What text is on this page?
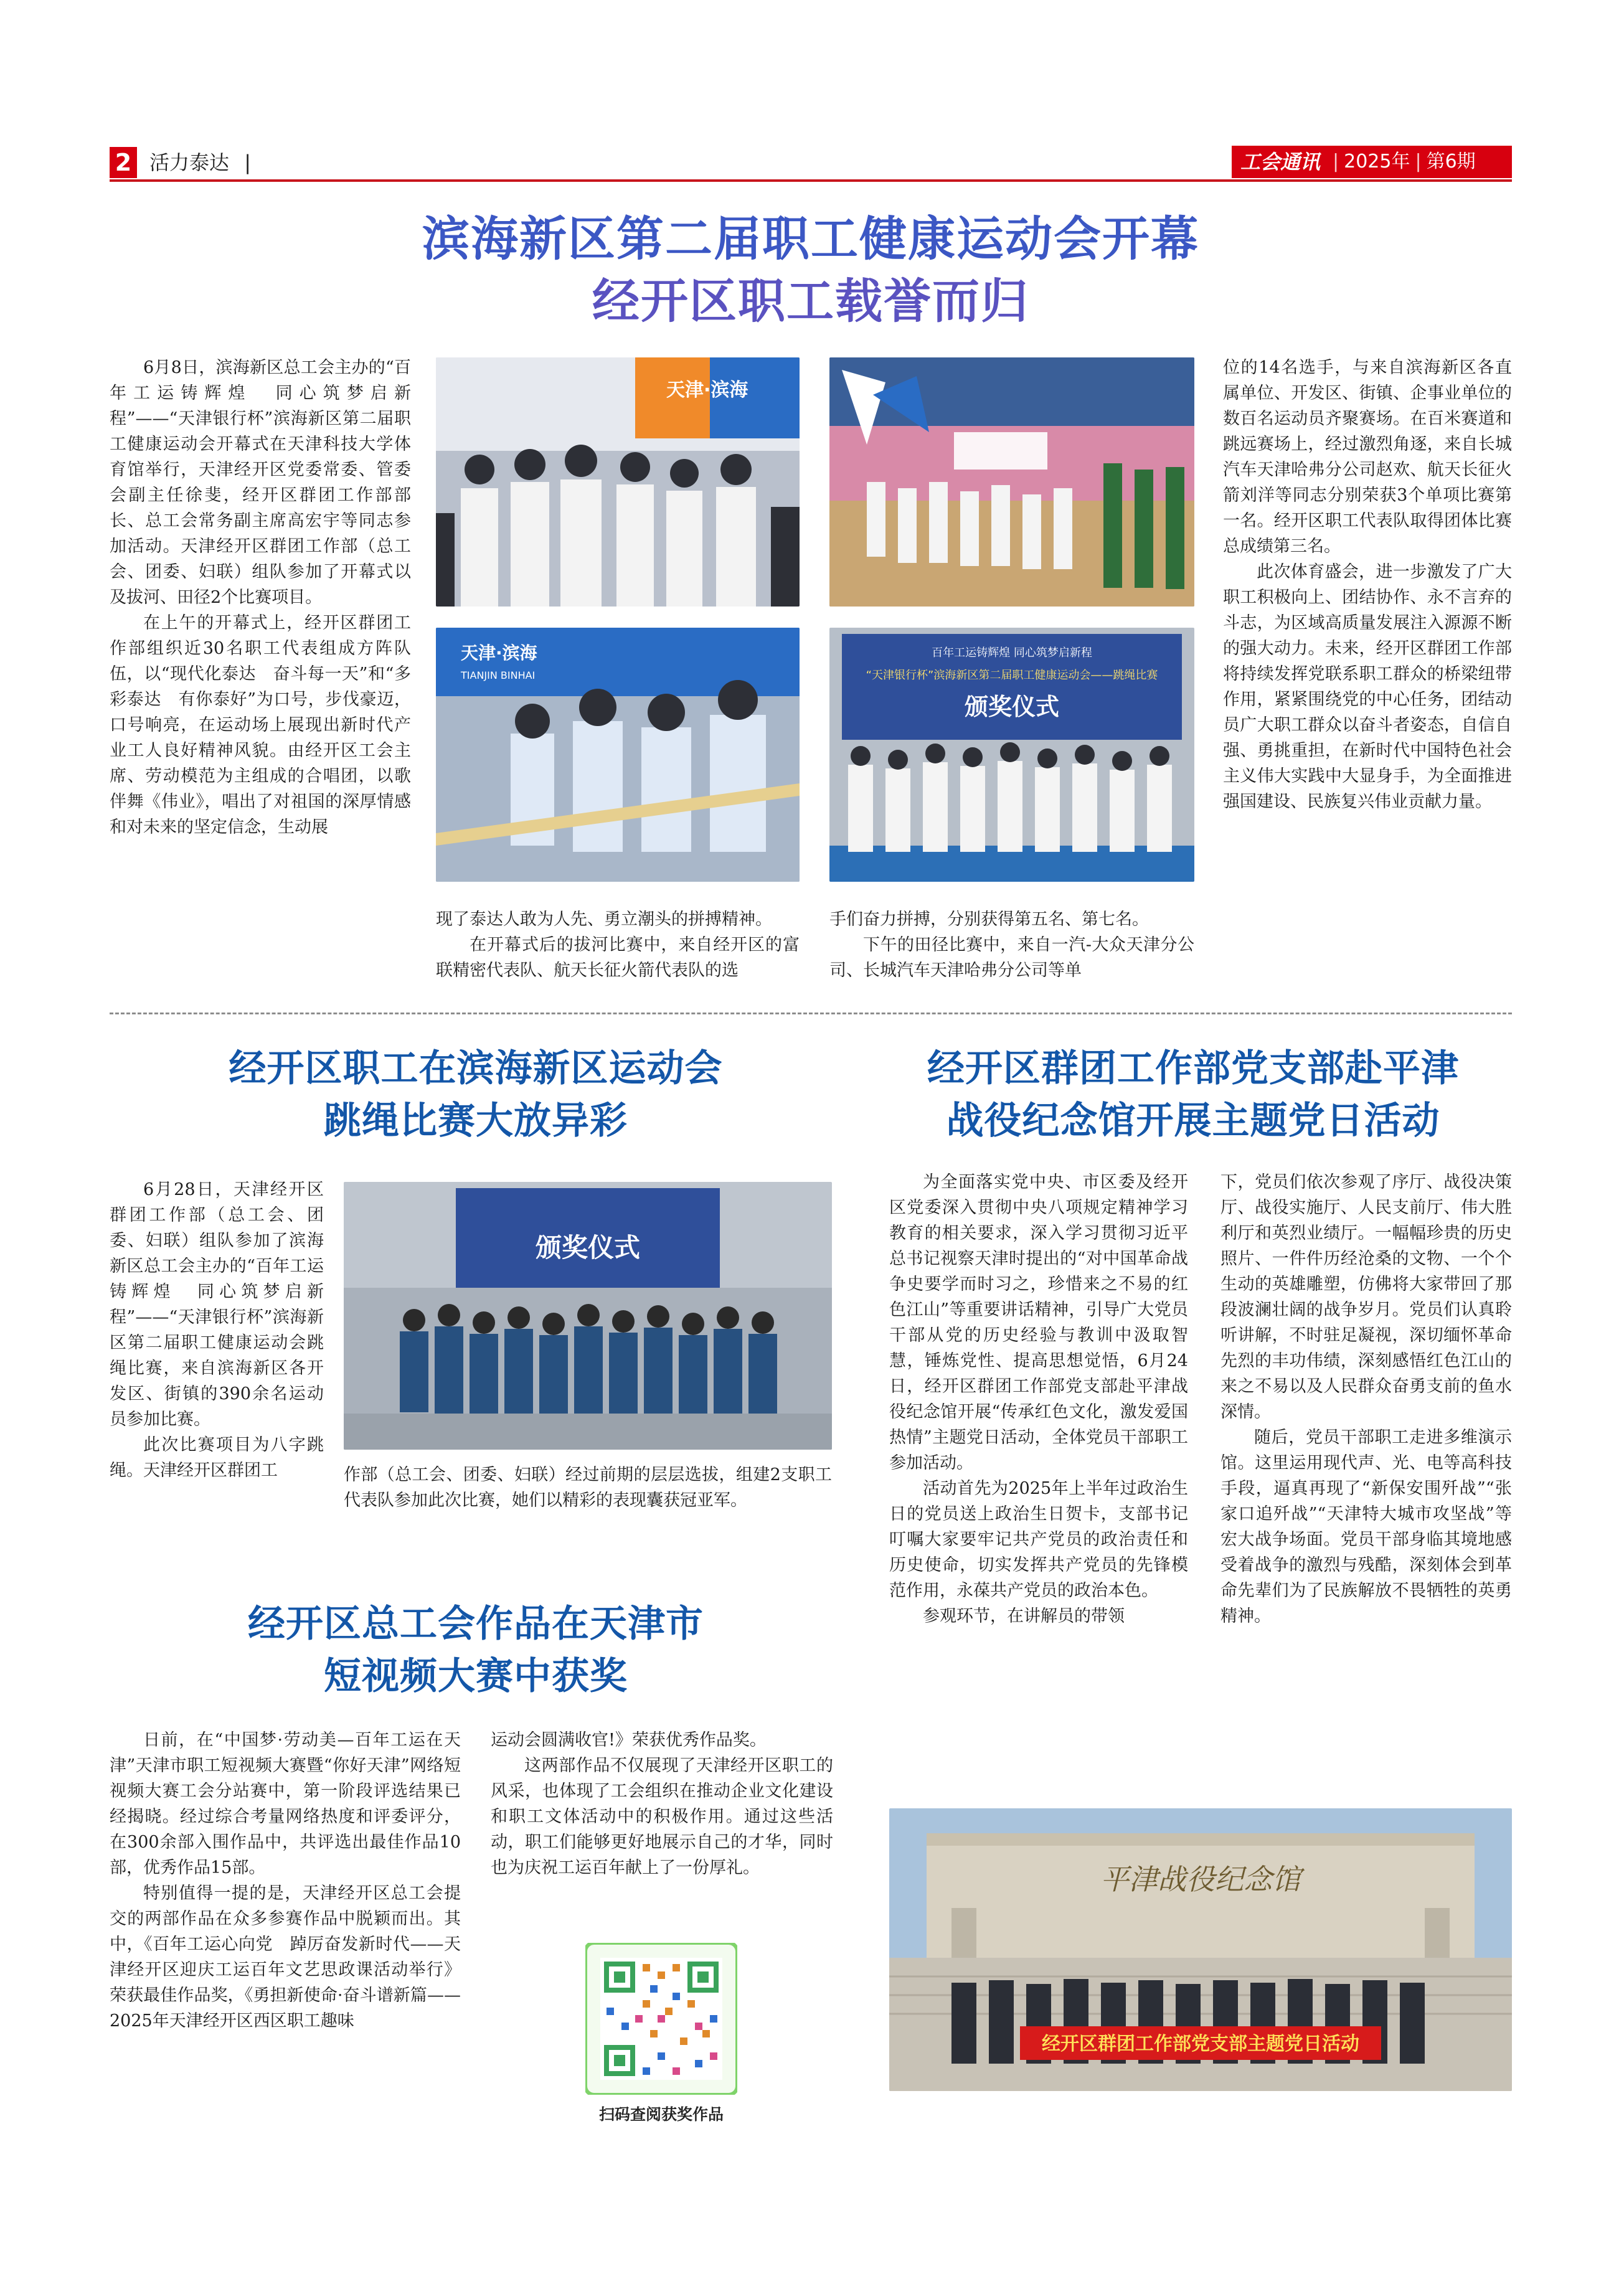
2 活力泰达 |	工会通讯 | 2025年 | 第6期
滨海新区第二届职工健康运动会开幕
经开区职工载誉而归

6月8日，滨海新区总工会主办的“百年工运铸辉煌　同心筑梦启新程”——“天津银行杯”滨海新区第二届职工健康运动会开幕式在天津科技大学体育馆举行，天津经开区党委常委、管委会副主任徐斐，经开区群团工作部部长、总工会常务副主席高宏宇等同志参加活动。天津经开区群团工作部（总工会、团委、妇联）组队参加了开幕式以及拔河、田径2个比赛项目。

在上午的开幕式上，经开区群团工作部组织近30名职工代表组成方阵队伍，以“现代化泰达　奋斗每一天”和“多彩泰达　有你泰好”为口号，步伐豪迈，口号响亮，在运动场上展现出新时代产业工人良好精神风貌。由经开区工会主席、劳动模范为主组成的合唱团，以歌伴舞《伟业》，唱出了对祖国的深厚情感和对未来的坚定信念，生动展

天津·滨海
天津·滨海
TIANJIN BINHAI
百年工运铸辉煌 同心筑梦启新程
“天津银行杯”滨海新区第二届职工健康运动会——跳绳比赛
颁奖仪式

现了泰达人敢为人先、勇立潮头的拼搏精神。

在开幕式后的拔河比赛中，来自经开区的富联精密代表队、航天长征火箭代表队的选

手们奋力拼搏，分别获得第五名、第七名。

下午的田径比赛中，来自一汽-大众天津分公司、长城汽车天津哈弗分公司等单

位的14名选手，与来自滨海新区各直属单位、开发区、街镇、企事业单位的数百名运动员齐聚赛场。在百米赛道和跳远赛场上，经过激烈角逐，来自长城汽车天津哈弗分公司赵欢、航天长征火箭刘洋等同志分别荣获3个单项比赛第一名。经开区职工代表队取得团体比赛总成绩第三名。

此次体育盛会，进一步激发了广大职工积极向上、团结协作、永不言弃的斗志，为区域高质量发展注入源源不断的强大动力。未来，经开区群团工作部将持续发挥党联系职工群众的桥梁纽带作用，紧紧围绕党的中心任务，团结动员广大职工群众以奋斗者姿态，自信自强、勇挑重担，在新时代中国特色社会主义伟大实践中大显身手，为全面推进强国建设、民族复兴伟业贡献力量。

经开区职工在滨海新区运动会
跳绳比赛大放异彩

6月28日，天津经开区群团工作部（总工会、团委、妇联）组队参加了滨海新区总工会主办的“百年工运铸辉煌　同心筑梦启新程”——“天津银行杯”滨海新区第二届职工健康运动会跳绳比赛，来自滨海新区各开发区、街镇的390余名运动员参加比赛。

此次比赛项目为八字跳绳。天津经开区群团工

颁奖仪式

作部（总工会、团委、妇联）经过前期的层层选拔，组建2支职工代表队参加此次比赛，她们以精彩的表现囊获冠亚军。

经开区总工会作品在天津市
短视频大赛中获奖

日前，在“中国梦·劳动美—百年工运在天津”天津市职工短视频大赛暨“你好天津”网络短视频大赛工会分站赛中，第一阶段评选结果已经揭晓。经过综合考量网络热度和评委评分，在300余部入围作品中，共评选出最佳作品10部，优秀作品15部。

特别值得一提的是，天津经开区总工会提交的两部作品在众多参赛作品中脱颖而出。其中，《百年工运心向党　踔厉奋发新时代——天津经开区迎庆工运百年文艺思政课活动举行》荣获最佳作品奖，《勇担新使命·奋斗谱新篇——2025年天津经开区西区职工趣味

运动会圆满收官!》荣获优秀作品奖。

这两部作品不仅展现了天津经开区职工的风采，也体现了工会组织在推动企业文化建设和职工文体活动中的积极作用。通过这些活动，职工们能够更好地展示自己的才华，同时也为庆祝工运百年献上了一份厚礼。

扫码查阅获奖作品
经开区群团工作部党支部赴平津
战役纪念馆开展主题党日活动

为全面落实党中央、市区委及经开区党委深入贯彻中央八项规定精神学习教育的相关要求，深入学习贯彻习近平总书记视察天津时提出的“对中国革命战争史要学而时习之，珍惜来之不易的红色江山”等重要讲话精神，引导广大党员干部从党的历史经验与教训中汲取智慧，锤炼党性、提高思想觉悟，6月24日，经开区群团工作部党支部赴平津战役纪念馆开展“传承红色文化，激发爱国热情”主题党日活动，全体党员干部职工参加活动。

活动首先为2025年上半年过政治生日的党员送上政治生日贺卡，支部书记叮嘱大家要牢记共产党员的政治责任和历史使命，切实发挥共产党员的先锋模范作用，永葆共产党员的政治本色。

参观环节，在讲解员的带领

下，党员们依次参观了序厅、战役决策厅、战役实施厅、人民支前厅、伟大胜利厅和英烈业绩厅。一幅幅珍贵的历史照片、一件件历经沧桑的文物、一个个生动的英雄雕塑，仿佛将大家带回了那段波澜壮阔的战争岁月。党员们认真聆听讲解，不时驻足凝视，深切缅怀革命先烈的丰功伟绩，深刻感悟红色江山的来之不易以及人民群众奋勇支前的鱼水深情。

随后，党员干部职工走进多维演示馆。这里运用现代声、光、电等高科技手段，逼真再现了“新保安围歼战”“张家口追歼战”“天津特大城市攻坚战”等宏大战争场面。党员干部身临其境地感受着战争的激烈与残酷，深刻体会到革命先辈们为了民族解放不畏牺牲的英勇精神。

平津战役纪念馆
经开区群团工作部党支部主题党日活动
